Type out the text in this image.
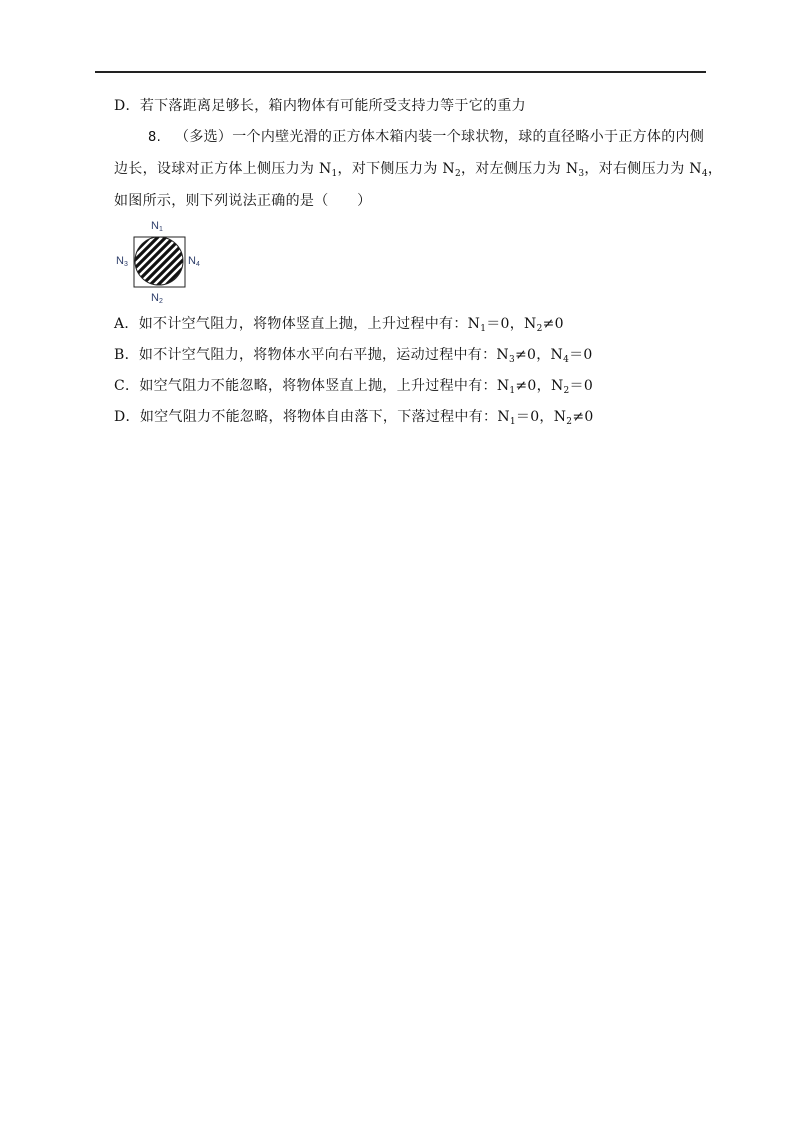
D．若下落距离足够长，箱内物体有可能所受支持力等于它的重力
8. （多选）一个内壁光滑的正方体木箱内装一个球状物，球的直径略小于正方体的内侧
边长，设球对正方体上侧压力为 $N_1$，对下侧压力为 $N_2$，对左侧压力为 $N_3$，对右侧压力为 $N_4$，
如图所示，则下列说法正确的是（　　）
$N_1$
$N_2$
$N_3$	$N_4$
A．如不计空气阻力，将物体竖直上抛，上升过程中有：$N_1=0$，$N_2\ne 0$
B．如不计空气阻力，将物体水平向右平抛，运动过程中有：$N_3\ne 0$，$N_4=0$
C．如空气阻力不能忽略，将物体竖直上抛，上升过程中有：$N_1\ne 0$，$N_2=0$
D．如空气阻力不能忽略，将物体自由落下，下落过程中有：$N_1=0$，$N_2\ne 0$
